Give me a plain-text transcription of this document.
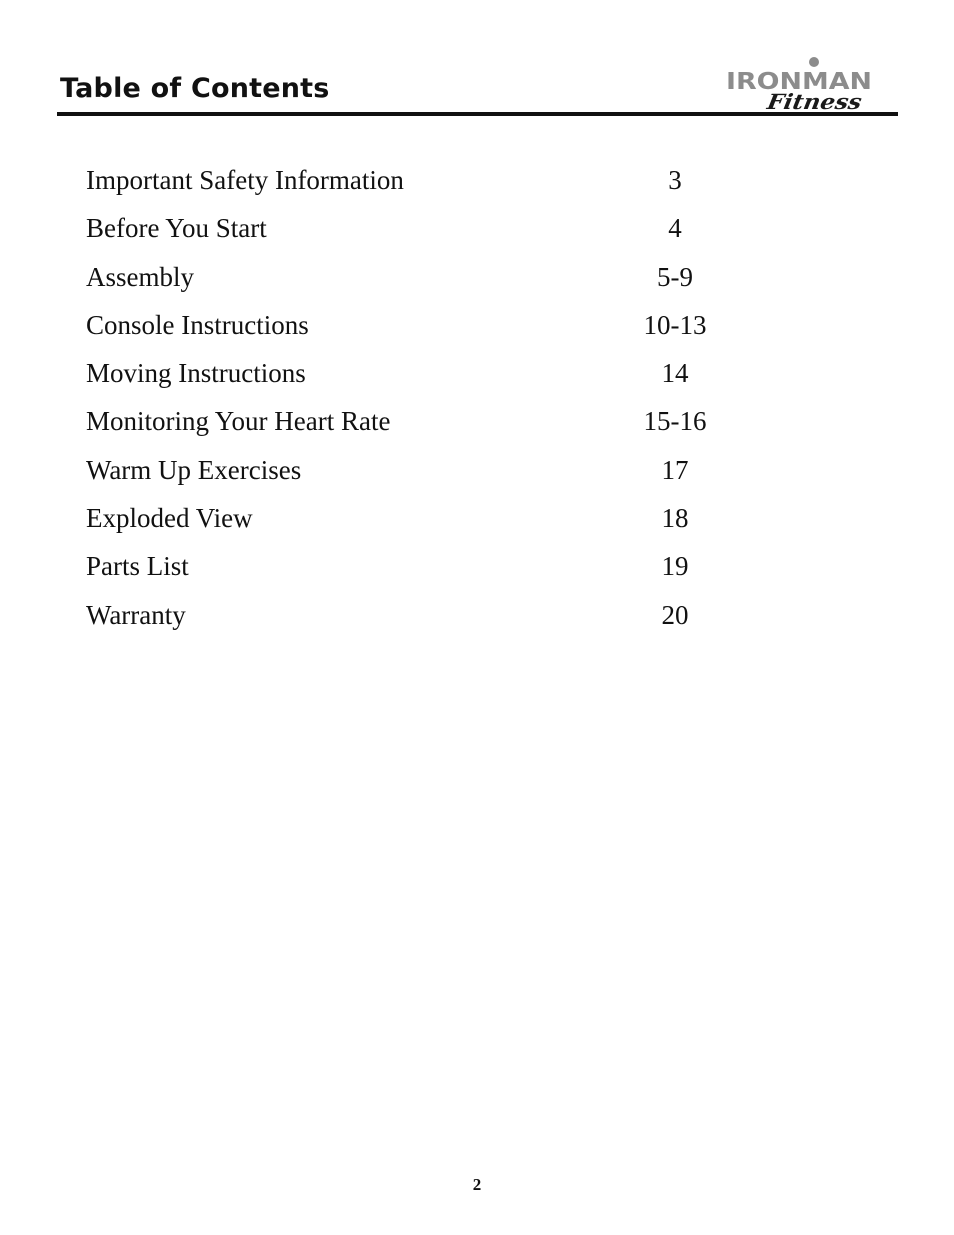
Table of Contents	IRONMAN
Fitness
Important Safety Information	3
Before You Start	4
Assembly	5-9
Console Instructions	10-13
Moving Instructions	14
Monitoring Your Heart Rate	15-16
Warm Up Exercises	17
Exploded View	18
Parts List	19
Warranty	20
2
